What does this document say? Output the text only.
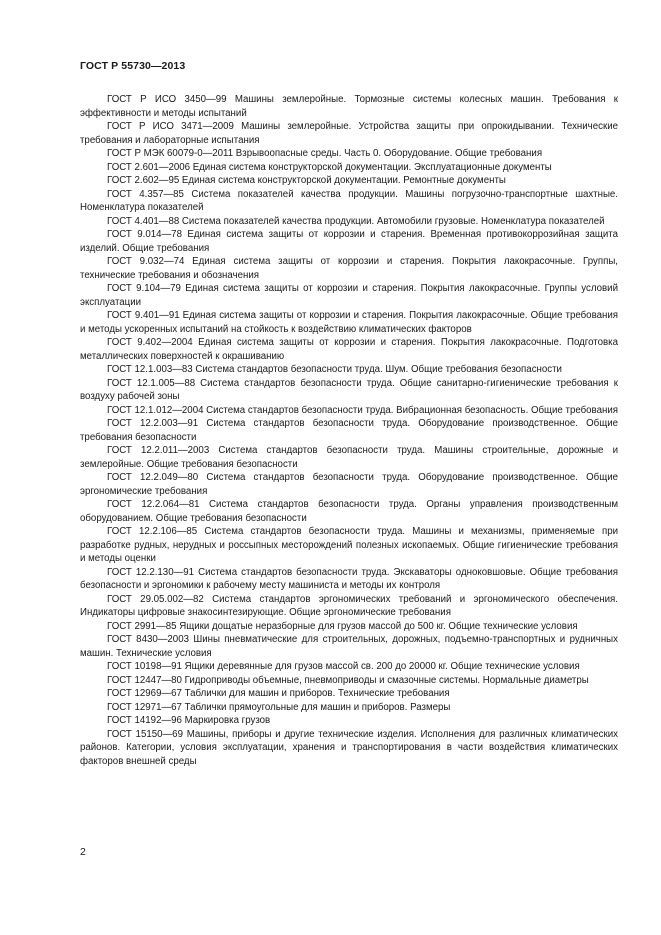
ГОСТ Р 55730—2013

ГОСТ Р ИСО 3450—99 Машины землеройные. Тормозные системы колесных машин. Требования к эффективности и методы испытаний

ГОСТ Р ИСО 3471—2009 Машины землеройные. Устройства защиты при опрокидывании. Технические требования и лабораторные испытания

ГОСТ Р МЭК 60079-0—2011 Взрывоопасные среды. Часть 0. Оборудование. Общие требования

ГОСТ 2.601—2006 Единая система конструкторской документации. Эксплуатационные документы

ГОСТ 2.602—95 Единая система конструкторской документации. Ремонтные документы

ГОСТ 4.357—85 Система показателей качества продукции. Машины погрузочно-транспортные шахтные. Номенклатура показателей

ГОСТ 4.401—88 Система показателей качества продукции. Автомобили грузовые. Номенклатура показателей

ГОСТ 9.014—78 Единая система защиты от коррозии и старения. Временная противокоррозийная защита изделий. Общие требования

ГОСТ 9.032—74 Единая система защиты от коррозии и старения. Покрытия лакокрасочные. Группы, технические требования и обозначения

ГОСТ 9.104—79 Единая система защиты от коррозии и старения. Покрытия лакокрасочные. Группы условий эксплуатации

ГОСТ 9.401—91 Единая система защиты от коррозии и старения. Покрытия лакокрасочные. Общие требования и методы ускоренных испытаний на стойкость к воздействию климатических факторов

ГОСТ 9.402—2004 Единая система защиты от коррозии и старения. Покрытия лакокрасочные. Подготовка металлических поверхностей к окрашиванию

ГОСТ 12.1.003—83 Система стандартов безопасности труда. Шум. Общие требования безопасности

ГОСТ 12.1.005—88 Система стандартов безопасности труда. Общие санитарно-гигиенические требования к воздуху рабочей зоны

ГОСТ 12.1.012—2004 Система стандартов безопасности труда. Вибрационная безопасность. Общие требования

ГОСТ 12.2.003—91 Система стандартов безопасности труда. Оборудование производственное. Общие требования безопасности

ГОСТ 12.2.011—2003 Система стандартов безопасности труда. Машины строительные, дорожные и землеройные. Общие требования безопасности

ГОСТ 12.2.049—80 Система стандартов безопасности труда. Оборудование производственное. Общие эргономические требования

ГОСТ 12.2.064—81 Система стандартов безопасности труда. Органы управления производственным оборудованием. Общие требования безопасности

ГОСТ 12.2.106—85 Система стандартов безопасности труда. Машины и механизмы, применяемые при разработке рудных, нерудных и россыпных месторождений полезных ископаемых. Общие гигиенические требования и методы оценки

ГОСТ 12.2.130—91 Система стандартов безопасности труда. Экскаваторы одноковшовые. Общие требования безопасности и эргономики к рабочему месту машиниста и методы их контроля

ГОСТ 29.05.002—82 Система стандартов эргономических требований и эргономического обеспечения. Индикаторы цифровые знакосинтезирующие. Общие эргономические требования

ГОСТ 2991—85 Ящики дощатые неразборные для грузов массой до 500 кг. Общие технические условия

ГОСТ 8430—2003 Шины пневматические для строительных, дорожных, подъемно-транспортных и рудничных машин. Технические условия

ГОСТ 10198—91 Ящики деревянные для грузов массой св. 200 до 20000 кг. Общие технические условия

ГОСТ 12447—80 Гидроприводы объемные, пневмоприводы и смазочные системы. Нормальные диаметры

ГОСТ 12969—67 Таблички для машин и приборов. Технические требования

ГОСТ 12971—67 Таблички прямоугольные для машин и приборов. Размеры

ГОСТ 14192—96 Маркировка грузов

ГОСТ 15150—69 Машины, приборы и другие технические изделия. Исполнения для различных климатических районов. Категории, условия эксплуатации, хранения и транспортирования в части воздействия климатических факторов внешней среды

2
